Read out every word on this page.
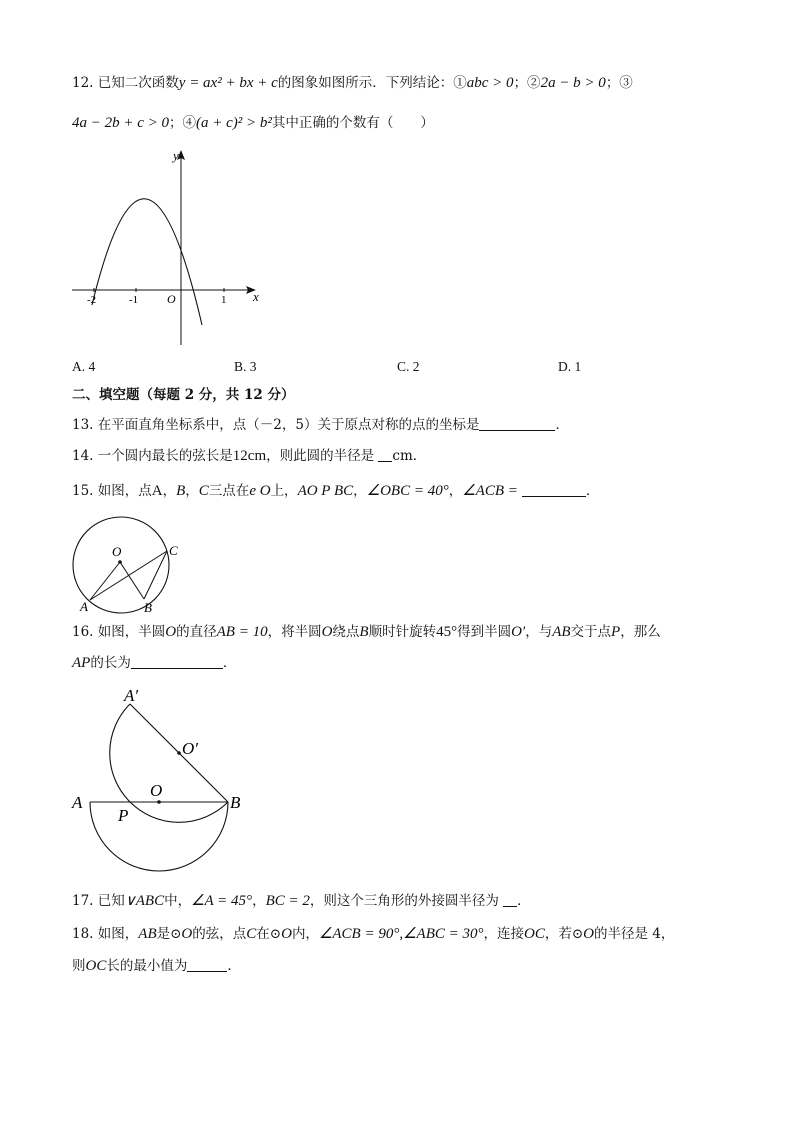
12. 已知二次函数y = ax² + bx + c的图象如图所示．下列结论：①abc > 0；②2a − b > 0；③
4a − 2b + c > 0；④(a + c)² > b²其中正确的个数有（　　）
y
x
O
-2	-1	1
A. 4	B. 3	C. 2	D. 1
二、填空题（每题 2 分，共 12 分）
13. 在平面直角坐标系中，点（－2，5）关于原点对称的点的坐标是	．
14. 一个圆内最长的弦长是12cm，则此圆的半径是 cm．
15. 如图，点A，B，C三点在e O上，AO P BC，∠OBC = 40°，∠ACB =	．
O	C
A	B
16. 如图，半圆O的直径AB = 10，将半圆O绕点B顺时针旋转45°得到半圆O′，与AB交于点P，那么
AP的长为	．
A′
O′
O
A	B
P
17. 已知∨ABC中，∠A = 45°，BC = 2，则这个三角形的外接圆半径为 ．
18. 如图，AB是⊙O的弦，点C在⊙O内，∠ACB = 90°,∠ABC = 30°，连接OC，若⊙O的半径是 4，
则OC长的最小值为	．
